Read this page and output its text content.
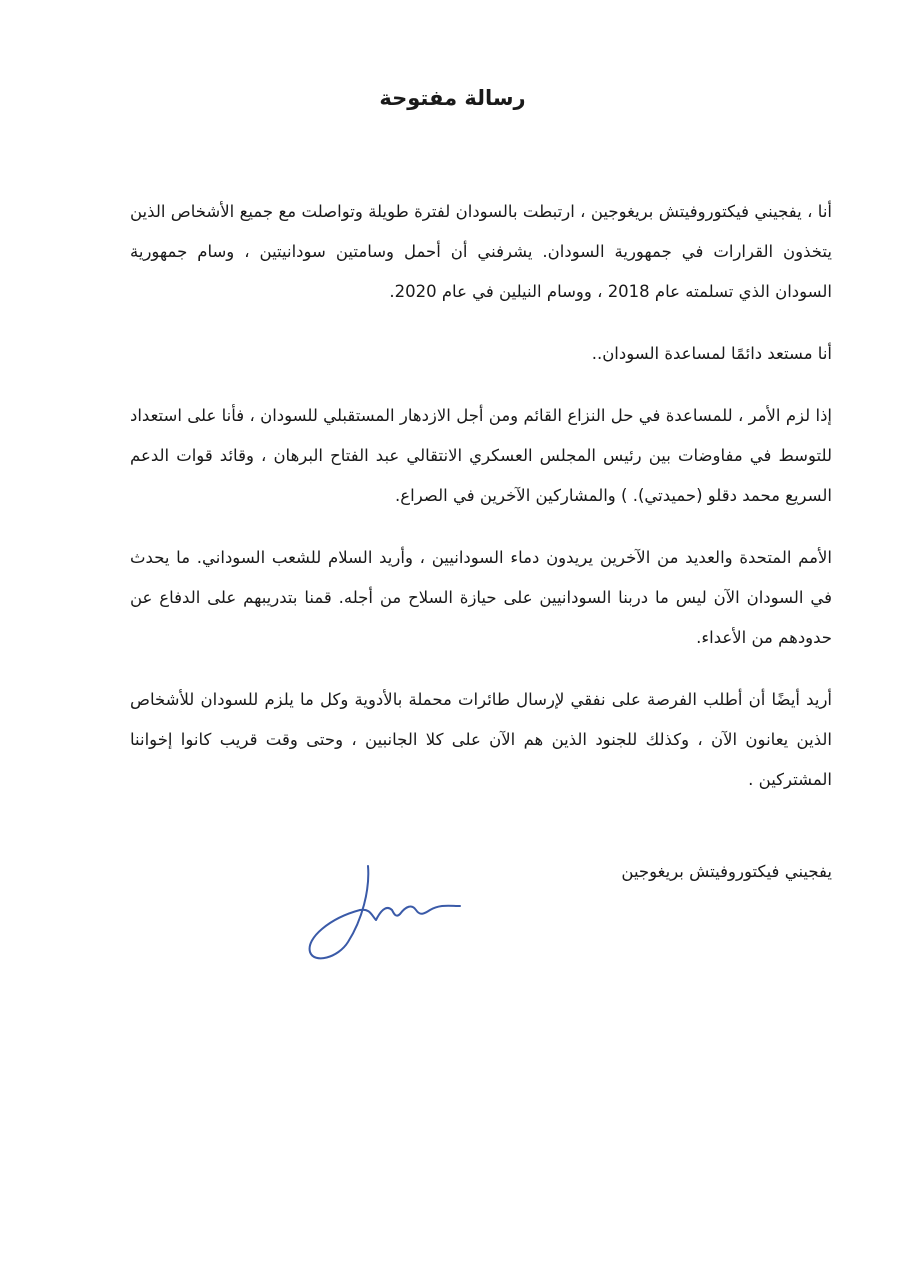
رسالة مفتوحة

أنا ، يفجيني فيكتوروفيتش بريغوجين ، ارتبطت بالسودان لفترة طويلة وتواصلت مع جميع الأشخاص الذين يتخذون القرارات في جمهورية السودان. يشرفني أن أحمل وسامتين سودانيتين ، وسام جمهورية السودان الذي تسلمته عام 2018 ، ووسام النيلين في عام 2020.

أنا مستعد دائمًا لمساعدة السودان..

إذا لزم الأمر ، للمساعدة في حل النزاع القائم ومن أجل الازدهار المستقبلي للسودان ، فأنا على استعداد للتوسط في مفاوضات بين رئيس المجلس العسكري الانتقالي عبد الفتاح البرهان ، وقائد قوات الدعم السريع محمد دقلو (حميدتي). ) والمشاركين الآخرين في الصراع.

الأمم المتحدة والعديد من الآخرين يريدون دماء السودانيين ، وأريد السلام للشعب السوداني. ما يحدث في السودان الآن ليس ما دربنا السودانيين على حيازة السلاح من أجله. قمنا بتدريبهم على الدفاع عن حدودهم من الأعداء.

أريد أيضًا أن أطلب الفرصة على نفقي لإرسال طائرات محملة بالأدوية وكل ما يلزم للسودان للأشخاص الذين يعانون الآن ، وكذلك للجنود الذين هم الآن على كلا الجانبين ، وحتى وقت قريب كانوا إخواننا المشتركين .

يفجيني فيكتوروفيتش بريغوجين
